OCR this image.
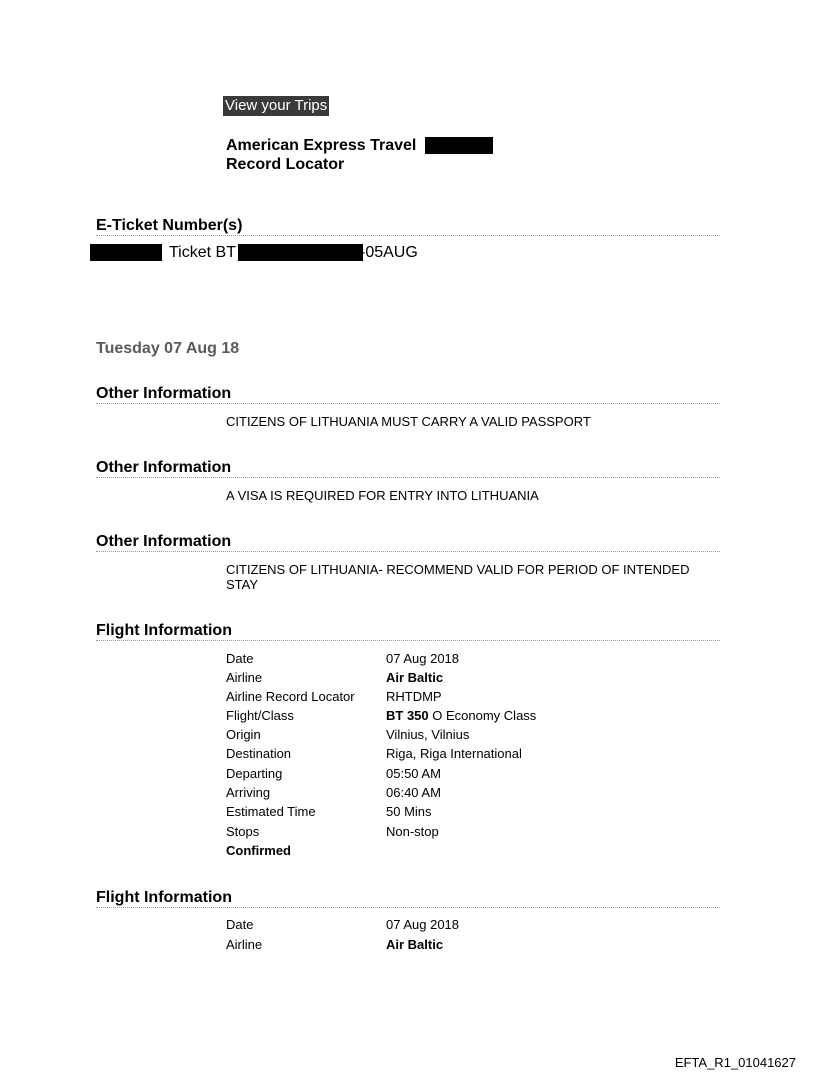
View your Trips
American Express Travel
Record Locator
E-Ticket Number(s)
Ticket BT	-05AUG
Tuesday 07 Aug 18
Other Information
CITIZENS OF LITHUANIA MUST CARRY A VALID PASSPORT
Other Information
A VISA IS REQUIRED FOR ENTRY INTO LITHUANIA
Other Information
CITIZENS OF LITHUANIA- RECOMMEND VALID FOR PERIOD OF INTENDED STAY
Flight Information
Date	07 Aug 2018
Airline	Air Baltic
Airline Record Locator RHTDMP
Flight/Class	BT 350 O Economy Class
Origin	Vilnius, Vilnius
Destination	Riga, Riga International
Departing	05:50 AM
Arriving	06:40 AM
Estimated Time	50 Mins
Stops	Non-stop
Confirmed
Flight Information
Date	07 Aug 2018
Airline	Air Baltic
EFTA_R1_01041627
